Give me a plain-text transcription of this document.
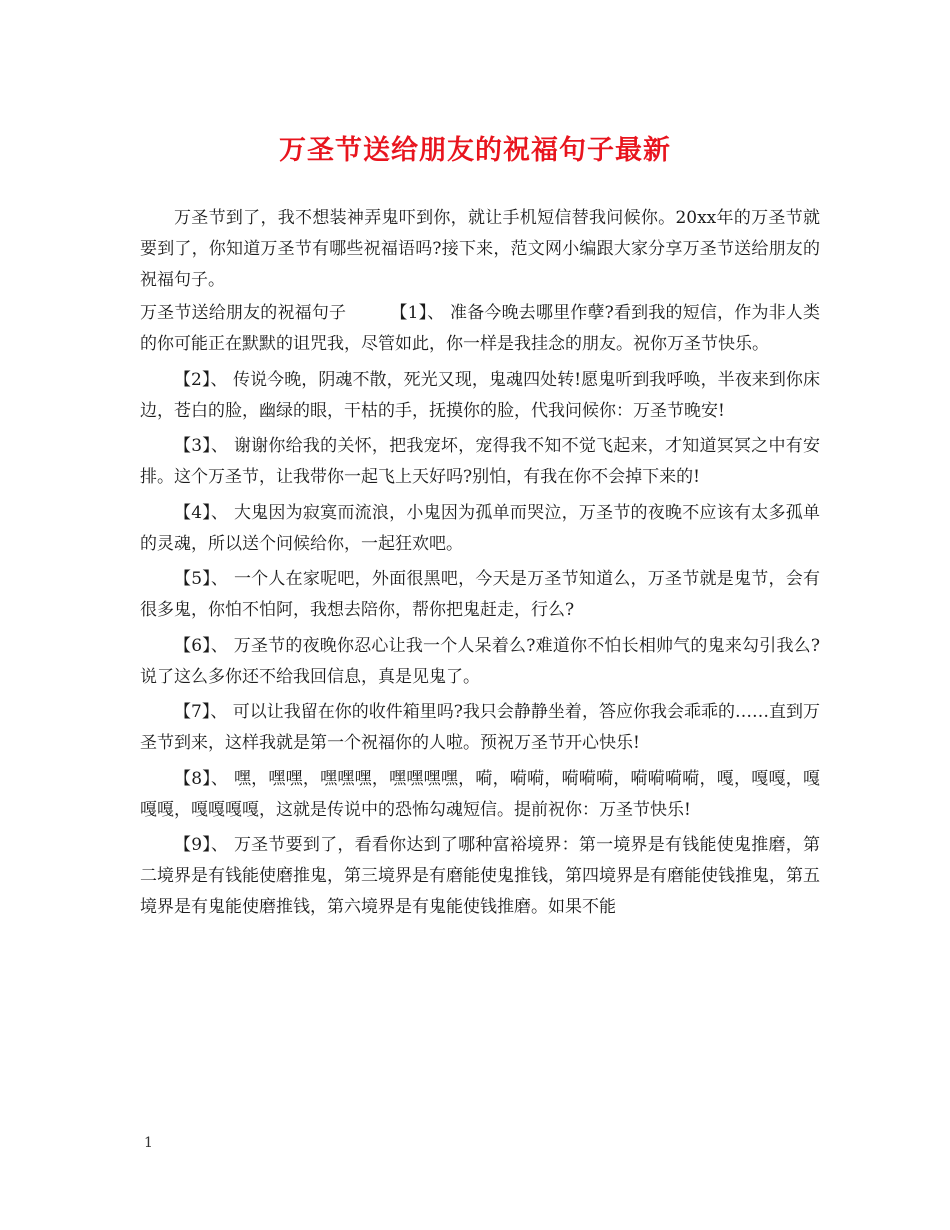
万圣节送给朋友的祝福句子最新

万圣节到了，我不想装神弄鬼吓到你，就让手机短信替我问候你。20xx年的万圣节就要到了，你知道万圣节有哪些祝福语吗?接下来，范文网小编跟大家分享万圣节送给朋友的祝福句子。

万圣节送给朋友的祝福句子	【1】、 准备今晚去哪里作孽?看到我的短信，作为非人类的你可能正在默默的诅咒我，尽管如此，你一样是我挂念的朋友。祝你万圣节快乐。

【2】、 传说今晚，阴魂不散，死光又现，鬼魂四处转!愿鬼听到我呼唤，半夜来到你床边，苍白的脸，幽绿的眼，干枯的手，抚摸你的脸，代我问候你：万圣节晚安!

【3】、 谢谢你给我的关怀，把我宠坏，宠得我不知不觉飞起来，才知道冥冥之中有安排。这个万圣节，让我带你一起飞上天好吗?别怕，有我在你不会掉下来的!

【4】、 大鬼因为寂寞而流浪，小鬼因为孤单而哭泣，万圣节的夜晚不应该有太多孤单的灵魂，所以送个问候给你，一起狂欢吧。

【5】、 一个人在家呢吧，外面很黑吧，今天是万圣节知道么，万圣节就是鬼节，会有很多鬼，你怕不怕阿，我想去陪你，帮你把鬼赶走，行么?

【6】、 万圣节的夜晚你忍心让我一个人呆着么?难道你不怕长相帅气的鬼来勾引我么?说了这么多你还不给我回信息，真是见鬼了。

【7】、 可以让我留在你的收件箱里吗?我只会静静坐着，答应你我会乖乖的……直到万圣节到来，这样我就是第一个祝福你的人啦。预祝万圣节开心快乐!

【8】、 嘿，嘿嘿，嘿嘿嘿，嘿嘿嘿嘿，嗬，嗬嗬，嗬嗬嗬，嗬嗬嗬嗬，嘎，嘎嘎，嘎嘎嘎，嘎嘎嘎嘎，这就是传说中的恐怖勾魂短信。提前祝你：万圣节快乐!

【9】、 万圣节要到了，看看你达到了哪种富裕境界：第一境界是有钱能使鬼推磨，第二境界是有钱能使磨推鬼，第三境界是有磨能使鬼推钱，第四境界是有磨能使钱推鬼，第五境界是有鬼能使磨推钱，第六境界是有鬼能使钱推磨。如果不能

1
